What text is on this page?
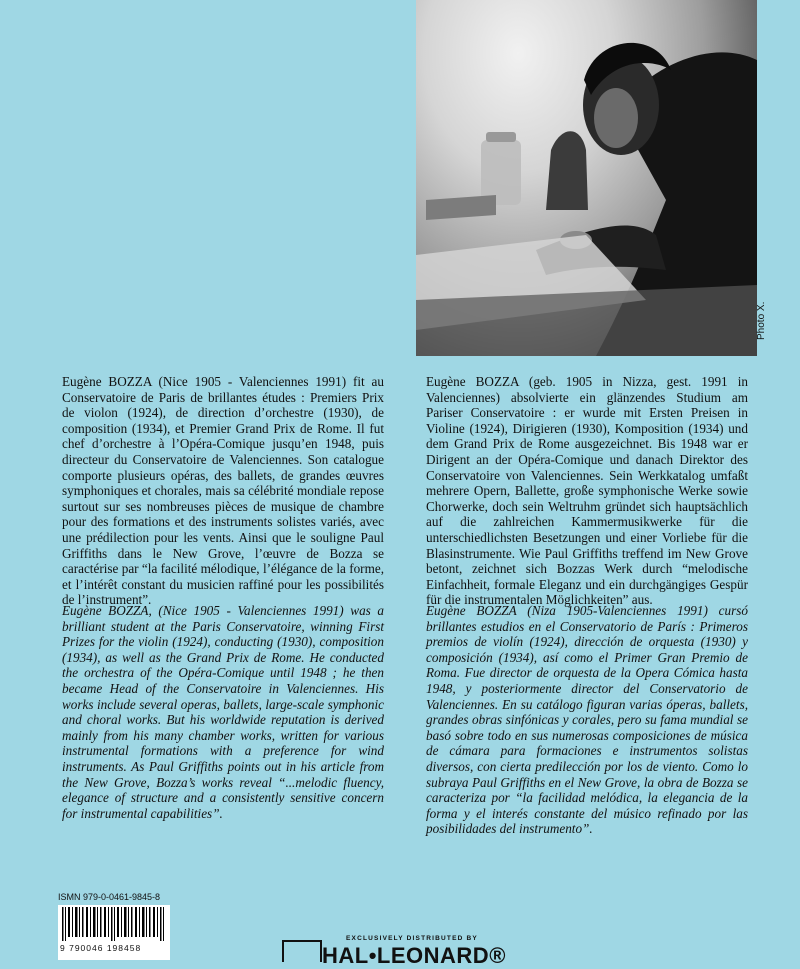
Photo X.

Eugène BOZZA (Nice 1905 - Valenciennes 1991) fit au Conservatoire de Paris de brillantes études : Premiers Prix de violon (1924), de direction d’orchestre (1930), de composition (1934), et Premier Grand Prix de Rome. Il fut chef d’orchestre à l’Opéra-Comique jusqu’en 1948, puis directeur du Conservatoire de Valenciennes. Son catalogue comporte plusieurs opéras, des ballets, de grandes œuvres symphoniques et chorales, mais sa célébrité mondiale repose surtout sur ses nombreuses pièces de musique de chambre pour des formations et des instruments solistes variés, avec une prédilection pour les vents. Ainsi que le souligne Paul Griffiths dans le New Grove, l’œuvre de Bozza se caractérise par “la facilité mélodique, l’élégance de la forme, et l’intérêt constant du musicien raffiné pour les possibilités de l’instrument”.

Eugène BOZZA, (Nice 1905 - Valenciennes 1991) was a brilliant student at the Paris Conservatoire, winning First Prizes for the violin (1924), conducting (1930), composition (1934), as well as the Grand Prix de Rome. He conducted the orchestra of the Opéra-Comique until 1948 ; he then became Head of the Conservatoire in Valenciennes. His works include several operas, ballets, large-scale symphonic and choral works. But his worldwide reputation is derived mainly from his many chamber works, written for various instrumental formations with a preference for wind instruments. As Paul Griffiths points out in his article from the New Grove, Bozza’s works reveal “...melodic fluency, elegance of structure and a consistently sensitive concern for instrumental capabilities”.

Eugène BOZZA (geb. 1905 in Nizza, gest. 1991 in Valenciennes) absolvierte ein glänzendes Studium am Pariser Conservatoire : er wurde mit Ersten Preisen in Violine (1924), Dirigieren (1930), Komposition (1934) und dem Grand Prix de Rome ausgezeichnet. Bis 1948 war er Dirigent an der Opéra-Comique und danach Direktor des Conservatoire von Valenciennes. Sein Werkkatalog umfaßt mehrere Opern, Ballette, große symphonische Werke sowie Chorwerke, doch sein Weltruhm gründet sich hauptsächlich auf die zahlreichen Kammermusikwerke für die unterschiedlichsten Besetzungen und einer Vorliebe für die Blasinstrumente. Wie Paul Griffiths treffend im New Grove betont, zeichnet sich Bozzas Werk durch “melodische Einfachheit, formale Eleganz und ein durchgängiges Gespür für die instrumentalen Möglichkeiten” aus.

Eugène BOZZA (Niza 1905-Valenciennes 1991) cursó brillantes estudios en el Conservatorio de París : Primeros premios de violín (1924), dirección de orquesta (1930) y composición (1934), así como el Primer Gran Premio de Roma. Fue director de orquesta de la Opera Cómica hasta 1948, y posteriormente director del Conservatorio de Valenciennes. En su catálogo figuran varias óperas, ballets, grandes obras sinfónicas y corales, pero su fama mundial se basó sobre todo en sus numerosas composiciones de música de cámara para formaciones e instrumentos solistas diversos, con cierta predilección por los de viento. Como lo subraya Paul Griffiths en el New Grove, la obra de Bozza se caracteriza por “la facilidad melódica, la elegancia de la forma y el interés constante del músico refinado por las posibilidades del instrumento”.

ISMN 979-0-0461-9845-8
9 790046 198458
EXCLUSIVELY DISTRIBUTED BY
HAL•LEONARD®
